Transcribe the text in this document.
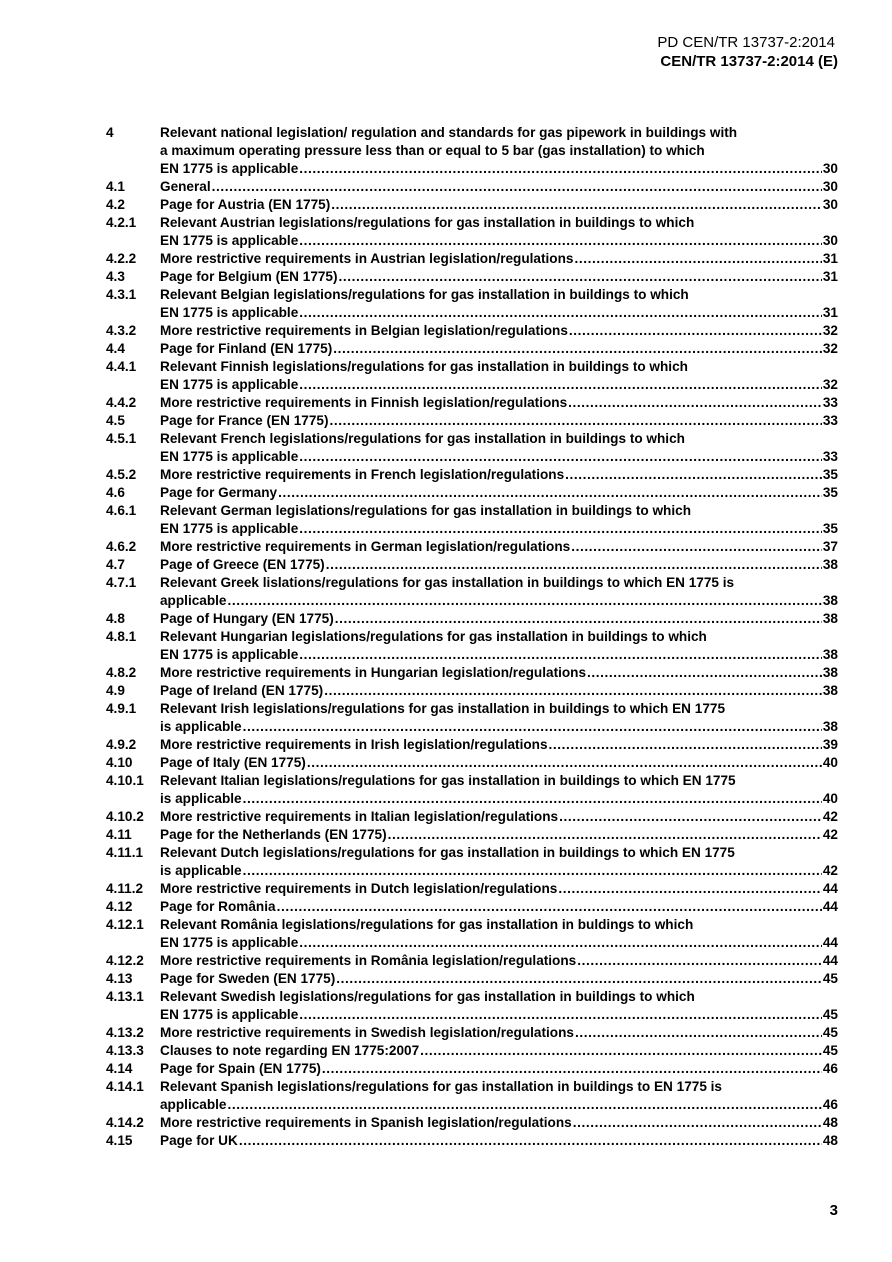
PD CEN/TR 13737-2:2014
CEN/TR 13737-2:2014 (E)
4	Relevant national legislation/ regulation and standards for gas pipework in buildings with
a maximum operating pressure less than or equal to 5 bar (gas installation) to which
EN 1775 is applicable .....	30
4.1	General .....	30
4.2	Page for Austria (EN 1775) .....	30
4.2.1 Relevant Austrian legislations/regulations for gas installation in buildings to which
EN 1775 is applicable .....	30
4.2.2 More restrictive requirements in Austrian legislation/regulations .....	31
4.3	Page for Belgium (EN 1775) .....	31
4.3.1 Relevant Belgian legislations/regulations for gas installation in buildings to which
EN 1775 is applicable .....	31
4.3.2 More restrictive requirements in Belgian legislation/regulations .....	32
4.4	Page for Finland (EN 1775) .....	32
4.4.1 Relevant Finnish legislations/regulations for gas installation in buildings to which
EN 1775 is applicable .....	32
4.4.2 More restrictive requirements in Finnish legislation/regulations .....	33
4.5	Page for France (EN 1775) .....	33
4.5.1 Relevant French legislations/regulations for gas installation in buildings to which
EN 1775 is applicable .....	33
4.5.2 More restrictive requirements in French legislation/regulations .....	35
4.6	Page for Germany .....	35
4.6.1 Relevant German legislations/regulations for gas installation in buildings to which
EN 1775 is applicable .....	35
4.6.2 More restrictive requirements in German legislation/regulations .....	37
4.7	Page of Greece (EN 1775) .....	38
4.7.1 Relevant Greek lislations/regulations for gas installation in buildings to which EN 1775 is
applicable .....	38
4.8	Page of Hungary (EN 1775) .....	38
4.8.1 Relevant Hungarian legislations/regulations for gas installation in buildings to which
EN 1775 is applicable .....	38
4.8.2 More restrictive requirements in Hungarian legislation/regulations .....	38
4.9	Page of Ireland (EN 1775) .....	38
4.9.1 Relevant Irish legislations/regulations for gas installation in buildings to which EN 1775
is applicable .....	38
4.9.2 More restrictive requirements in Irish legislation/regulations .....	39
4.10 Page of Italy (EN 1775) .....	40
4.10.1 Relevant Italian legislations/regulations for gas installation in buildings to which EN 1775
is applicable .....	40
4.10.2 More restrictive requirements in Italian legislation/regulations .....	42
4.11 Page for the Netherlands (EN 1775) .....	42
4.11.1 Relevant Dutch legislations/regulations for gas installation in buildings to which EN 1775
is applicable .....	42
4.11.2 More restrictive requirements in Dutch legislation/regulations .....	44
4.12 Page for România .....	44
4.12.1 Relevant România legislations/regulations for gas installation in buldings to which
EN 1775 is applicable .....	44
4.12.2 More restrictive requirements in România legislation/regulations .....	44
4.13 Page for Sweden (EN 1775) .....	45
4.13.1 Relevant Swedish legislations/regulations for gas installation in buildings to which
EN 1775 is applicable .....	45
4.13.2 More restrictive requirements in Swedish legislation/regulations .....	45
4.13.3 Clauses to note regarding EN 1775:2007 .....	45
4.14 Page for Spain (EN 1775) .....	46
4.14.1 Relevant Spanish legislations/regulations for gas installation in buildings to EN 1775 is
applicable .....	46
4.14.2 More restrictive requirements in Spanish legislation/regulations .....	48
4.15 Page for UK .....	48
3
